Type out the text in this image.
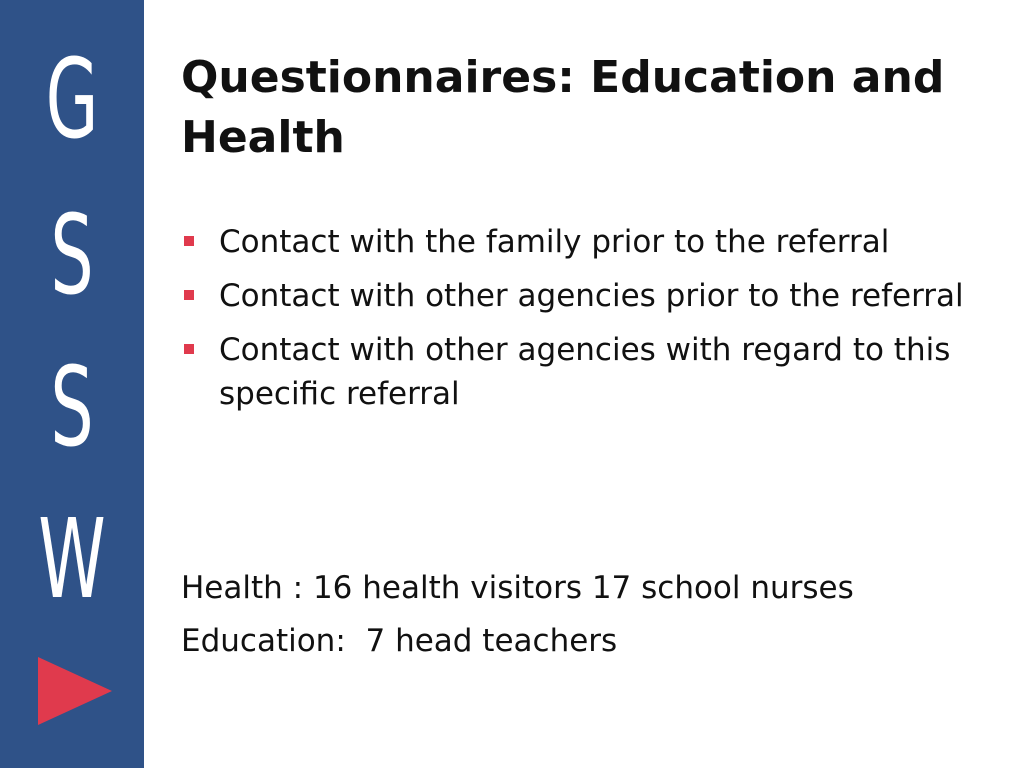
G
S
S
W
Questionnaires: Education and Health
Contact with the family prior to the referral
Contact with other agencies prior to the referral
Contact with other agencies with regard to this specific referral
Health : 16 health visitors 17 school nurses
Education:  7 head teachers
